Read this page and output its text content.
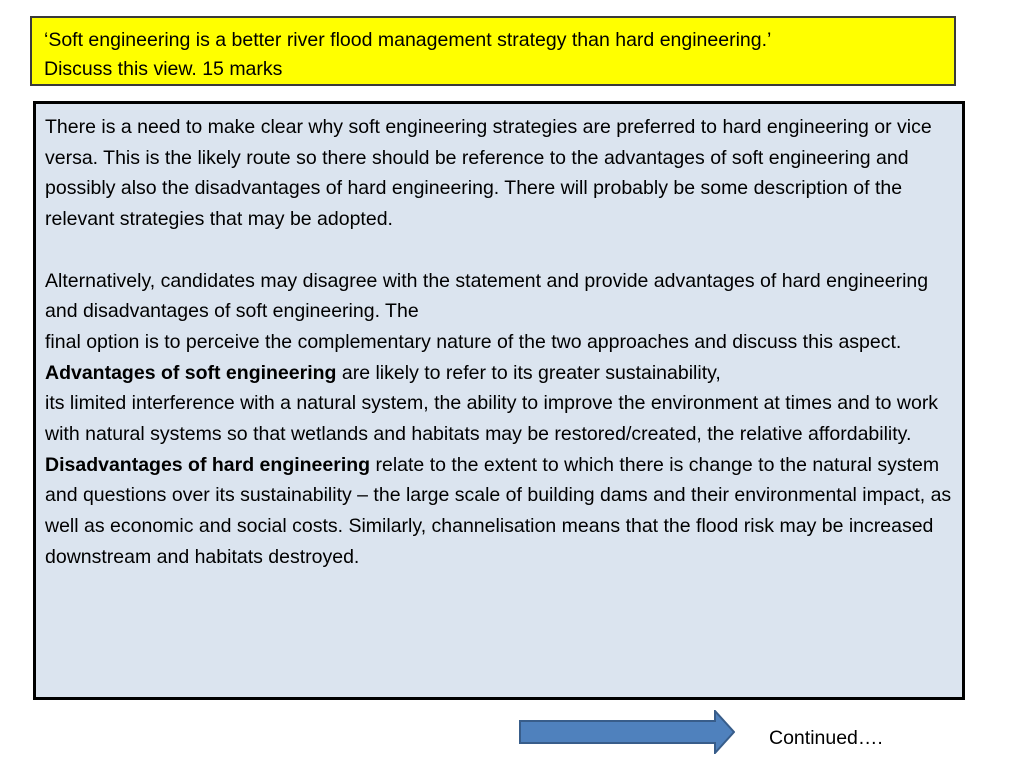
‘Soft engineering is a better river flood management strategy than hard engineering.’

Discuss this view. 15 marks

There is a need to make clear why soft engineering strategies are preferred to hard engineering or vice versa. This is the likely route so there should be reference to the advantages of soft engineering and possibly also the disadvantages of hard engineering. There will probably be some description of the relevant strategies that may be adopted.

Alternatively, candidates may disagree with the statement and provide advantages of hard engineering and disadvantages of soft engineering. The

final option is to perceive the complementary nature of the two approaches and discuss this aspect.

Advantages of soft engineering are likely to refer to its greater sustainability,

its limited interference with a natural system, the ability to improve the environment at times and to work with natural systems so that wetlands and habitats may be restored/created, the relative affordability.

Disadvantages of hard engineering relate to the extent to which there is change to the natural system and questions over its sustainability – the large scale of building dams and their environmental impact, as well as economic and social costs. Similarly, channelisation means that the flood risk may be increased downstream and habitats destroyed.

Continued….
